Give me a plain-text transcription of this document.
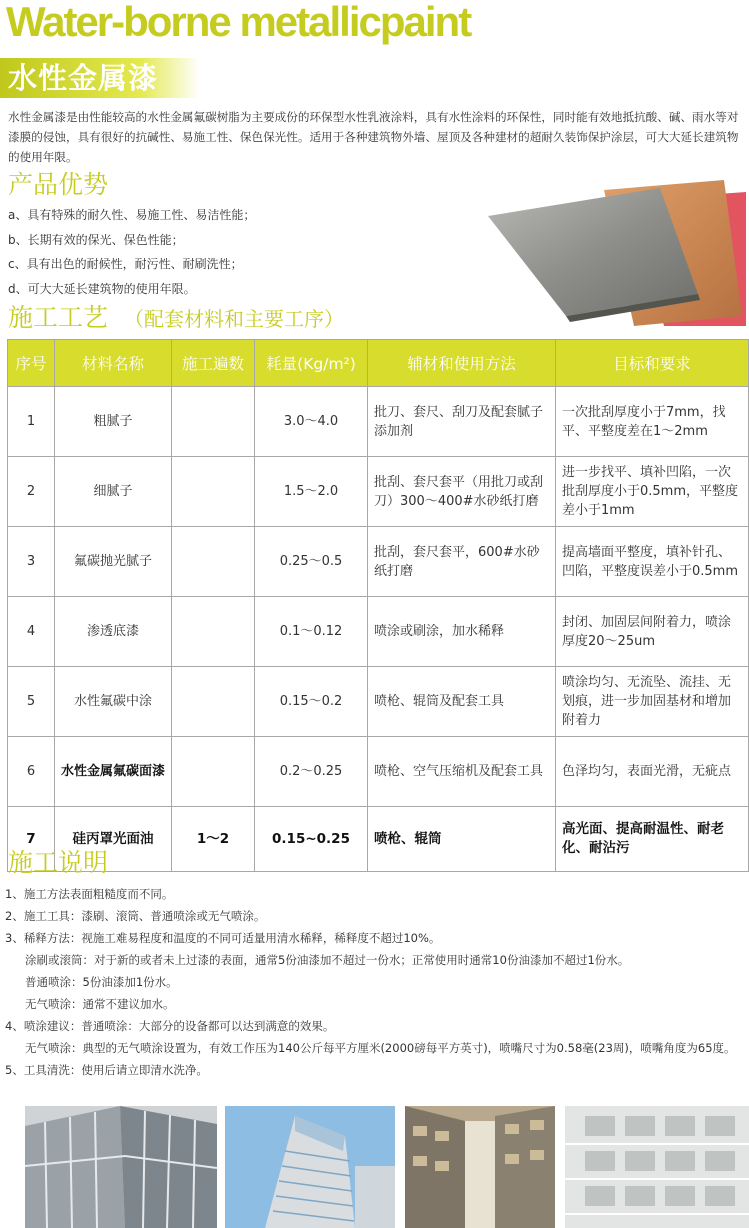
Water-borne metallicpaint
水性金属漆
水性金属漆是由性能较高的水性金属氟碳树脂为主要成份的环保型水性乳液涂料，具有水性涂料的环保性，同时能有效地抵抗酸、碱、雨水等对漆膜的侵蚀，具有很好的抗碱性、易施工性、保色保光性。适用于各种建筑物外墙、屋顶及各种建材的超耐久装饰保护涂层，可大大延长建筑物的使用年限。
产品优势
a、具有特殊的耐久性、易施工性、易洁性能；
b、长期有效的保光、保色性能；
c、具有出色的耐候性，耐污性、耐刷洗性；
d、可大大延长建筑物的使用年限。
施工工艺 （配套材料和主要工序）
序号	材料名称	施工遍数	耗量(Kg/m²)	辅材和使用方法	目标和要求
1	粗腻子		3.0～4.0	批刀、套尺、刮刀及配套腻子添加剂	一次批刮厚度小于7mm，找平、平整度差在1～2mm
2	细腻子		1.5～2.0	批刮、套尺套平（用批刀或刮刀）300～400#水砂纸打磨	进一步找平、填补凹陷，一次批刮厚度小于0.5mm，平整度差小于1mm
3	氟碳抛光腻子		0.25～0.5	批刮，套尺套平，600#水砂纸打磨	提高墙面平整度，填补针孔、凹陷，平整度误差小于0.5mm
4	渗透底漆		0.1～0.12	喷涂或刷涂，加水稀释	封闭、加固层间附着力，喷涂厚度20～25um
5	水性氟碳中涂		0.15～0.2	喷枪、辊筒及配套工具	喷涂均匀、无流坠、流挂、无划痕，进一步加固基材和增加附着力
6	水性金属氟碳面漆		0.2～0.25	喷枪、空气压缩机及配套工具	色泽均匀，表面光滑，无疵点
7	硅丙罩光面油	1～2	0.15~0.25	喷枪、辊筒	高光面、提高耐温性、耐老化、耐沾污
施工说明
1、施工方法表面粗糙度而不同。
2、施工工具：漆刷、滚筒、普通喷涂或无气喷涂。
3、稀释方法：视施工难易程度和温度的不同可适量用清水稀释，稀释度不超过10%。
涂刷或滚筒：对于新的或者未上过漆的表面，通常5份油漆加不超过一份水；正常使用时通常10份油漆加不超过1份水。
普通喷涂：5份油漆加1份水。
无气喷涂：通常不建议加水。
4、喷涂建议：普通喷涂：大部分的设备都可以达到满意的效果。
无气喷涂：典型的无气喷涂设置为，有效工作压为140公斤每平方厘米(2000磅每平方英寸)，喷嘴尺寸为0.58毫(23周)，喷嘴角度为65度。
5、工具清洗：使用后请立即清水洗净。
